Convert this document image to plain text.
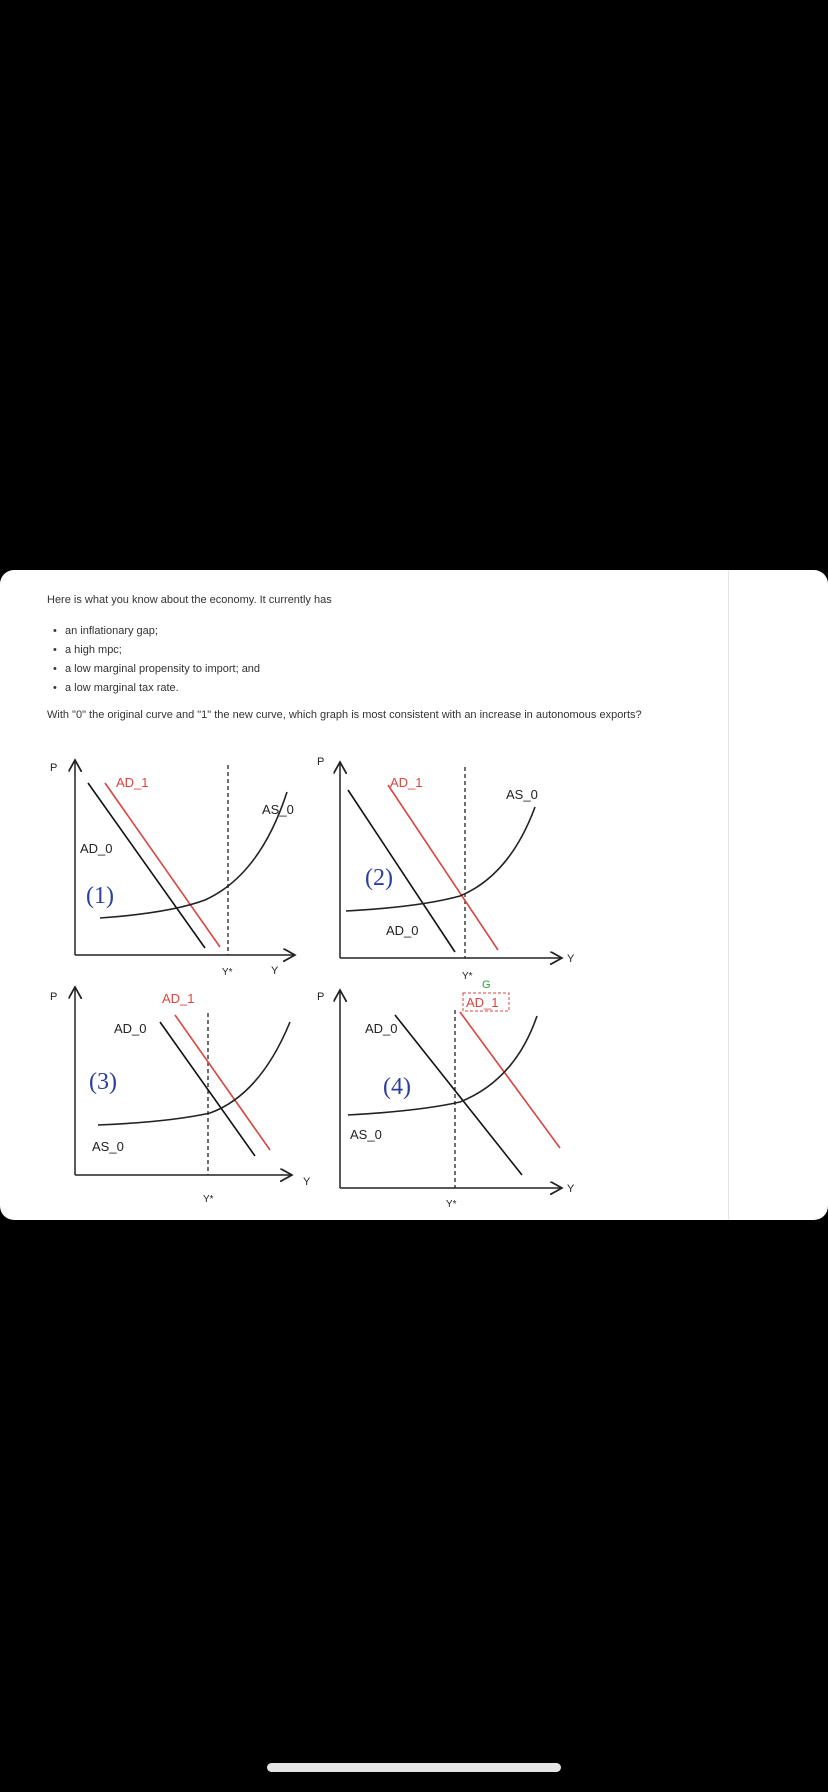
Here is what you know about the economy. It currently has
• an inflationary gap;
• a high mpc;
• a low marginal propensity to import; and
• a low marginal tax rate.
With "0" the original curve and "1" the new curve, which graph is most consistent with an increase in autonomous exports?
P
Y
Y*
AD_1
AS_0
AD_0
(1)
P
Y
Y*
AD_1
AS_0
AD_0
(2)
P
Y
Y*
AD_1
AD_0
AS_0
(3)
P
Y
Y*
G
AD_1
AD_0
AS_0
(4)
